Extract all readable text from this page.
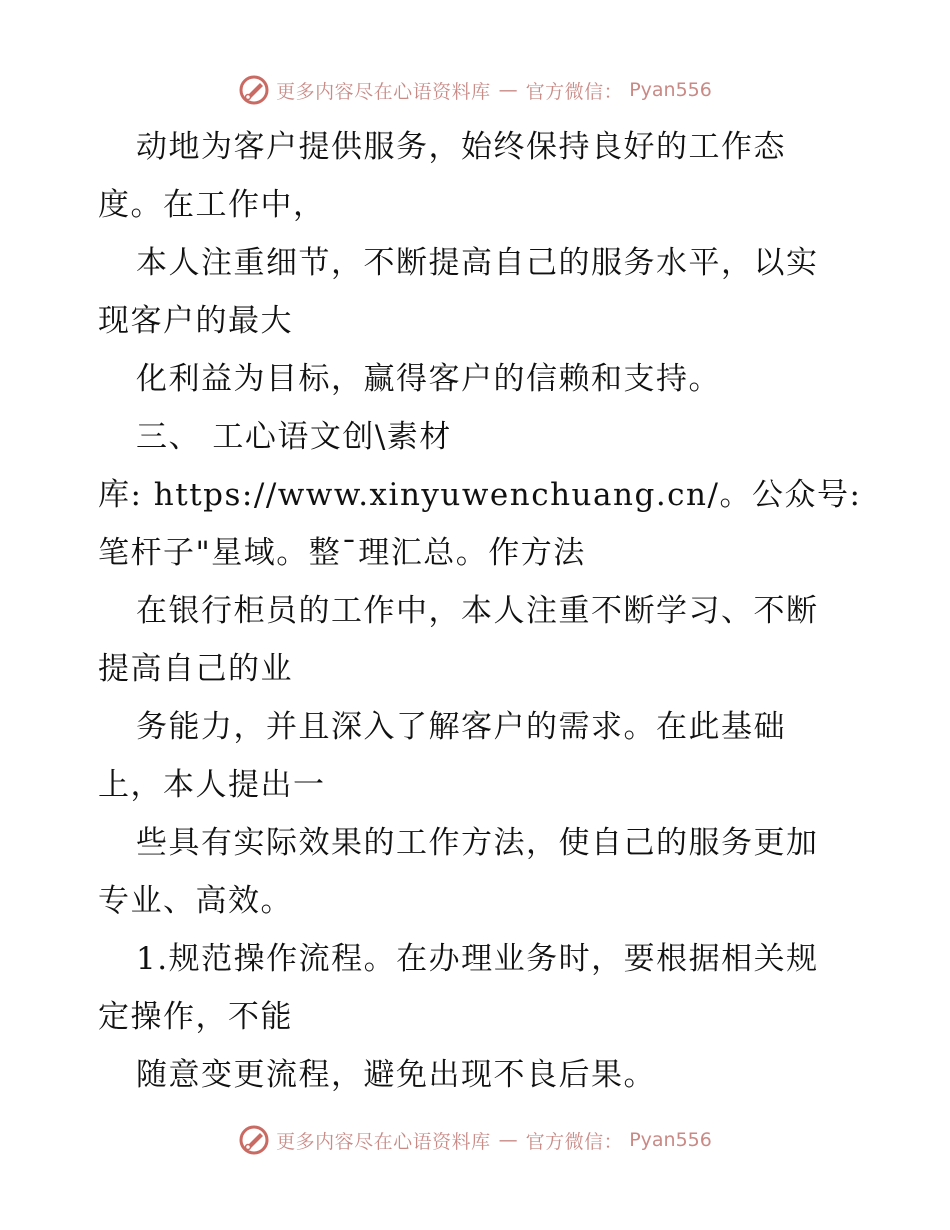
更多内容尽在心语资料库 — 官方微信： Pyan556
动地为客户提供服务，始终保持良好的工作态
度。在工作中，
本人注重细节，不断提高自己的服务水平，以实
现客户的最大
化利益为目标，赢得客户的信赖和支持。
三、 工心语文创\素材
库: https://www.xinyuwenchuang.cn/。公众号:
笔杆子"星域。整¯理汇总。作方法
在银行柜员的工作中，本人注重不断学习、不断
提高自己的业
务能力，并且深入了解客户的需求。在此基础
上，本人提出一
些具有实际效果的工作方法，使自己的服务更加
专业、高效。
1.规范操作流程。在办理业务时，要根据相关规
定操作，不能
随意变更流程，避免出现不良后果。
更多内容尽在心语资料库 — 官方微信： Pyan556
